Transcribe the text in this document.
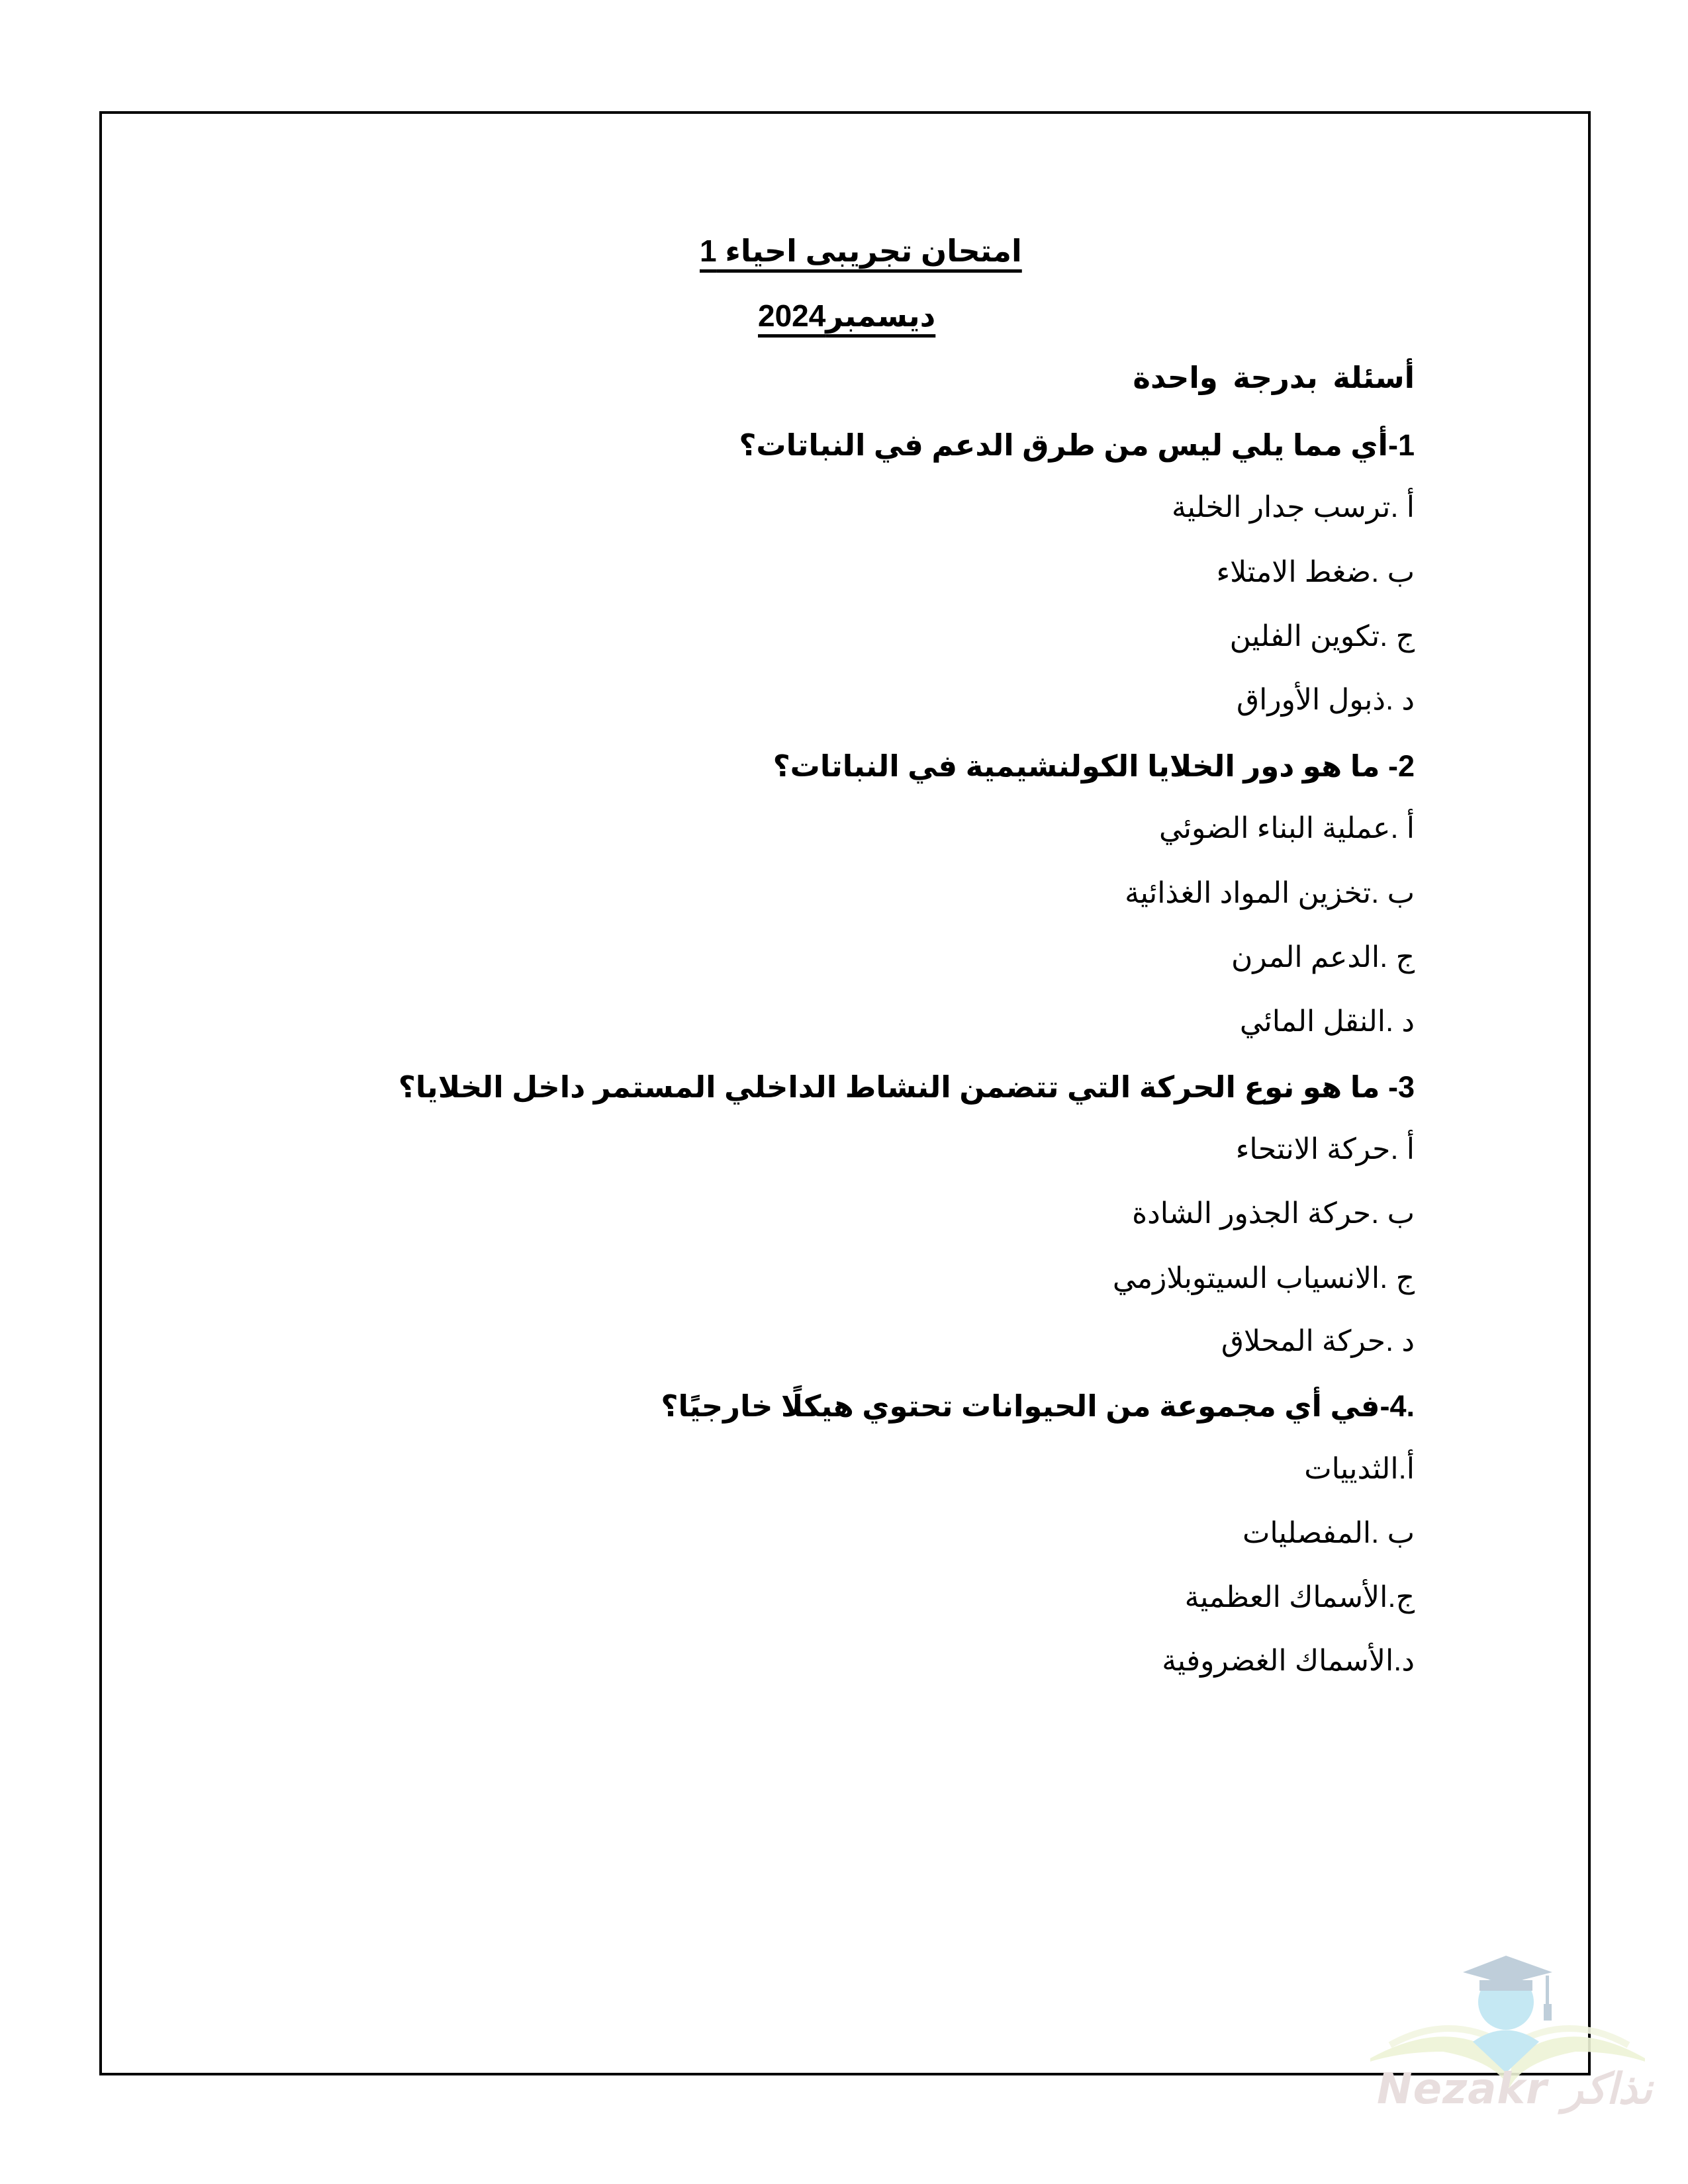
امتحان تجريبى احياء 1
ديسمبر2024
أسئلة بدرجة واحدة
1-أي مما يلي ليس من طرق الدعم في النباتات؟
أ .ترسب جدار الخلية
ب .ضغط الامتلاء
ج .تكوين الفلين
د .ذبول الأوراق
2- ما هو دور الخلايا الكولنشيمية في النباتات؟
أ .عملية البناء الضوئي
ب .تخزين المواد الغذائية
ج .الدعم المرن
د .النقل المائي
3- ما هو نوع الحركة التي تتضمن النشاط الداخلي المستمر داخل الخلايا؟
أ .حركة الانتحاء
ب .حركة الجذور الشادة
ج .الانسياب السيتوبلازمي
د .حركة المحلاق
.4-في أي مجموعة من الحيوانات تحتوي هيكلًا خارجيًا؟
أ.الثدييات
ب .المفصليات
ج.الأسماك العظمية
د.الأسماك الغضروفية
Nezakr نذاكر
